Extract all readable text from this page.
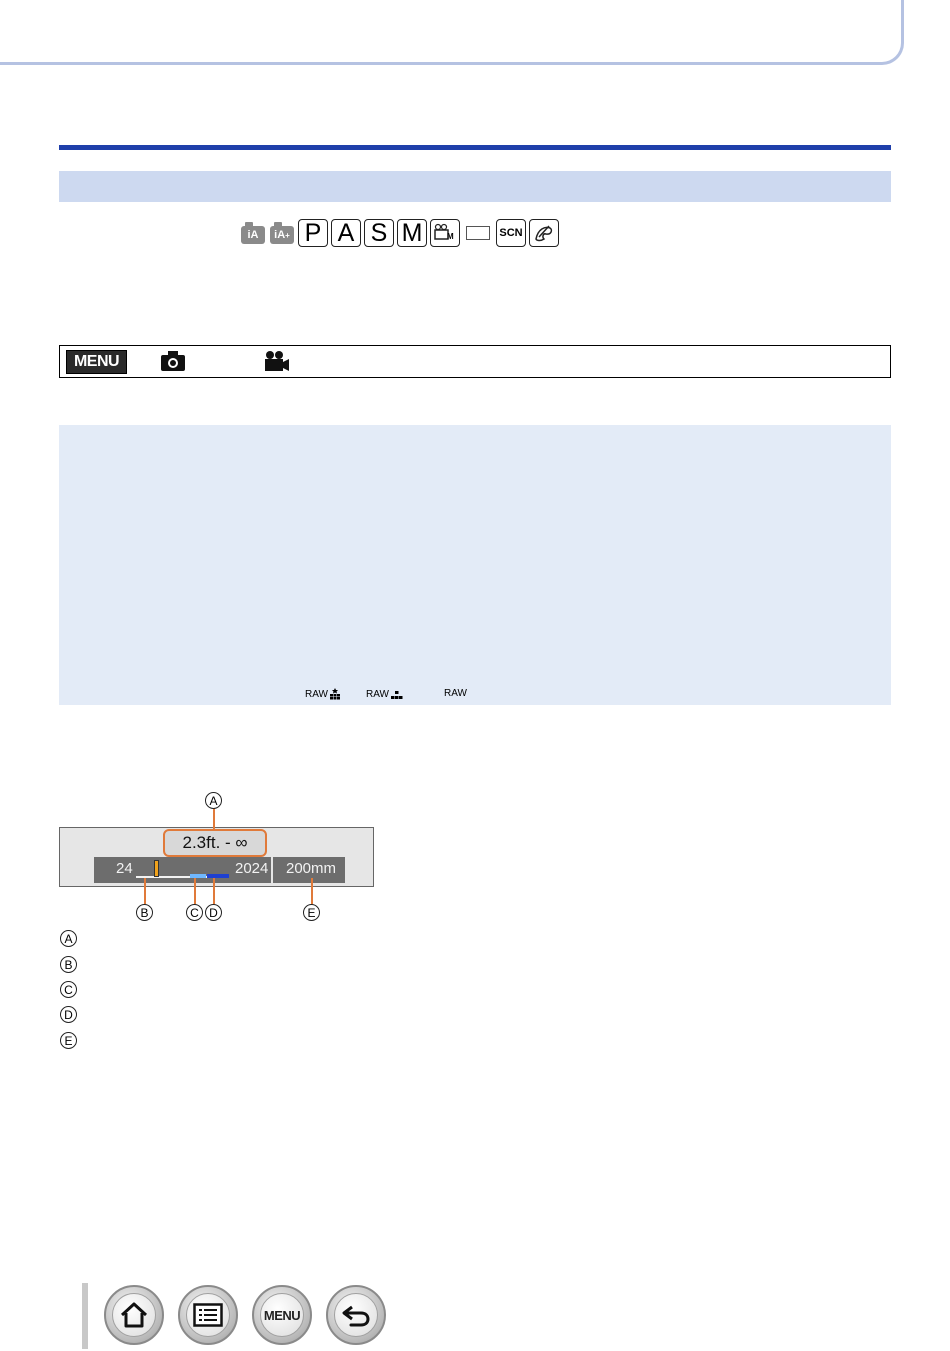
iA	iA + P A S M	M	SCN
MENU
RAW	RAW	RAW
24	2024 200mm
2.3ft. - ∞
A
B	C D	E
A
B
C
D
E
MENU
